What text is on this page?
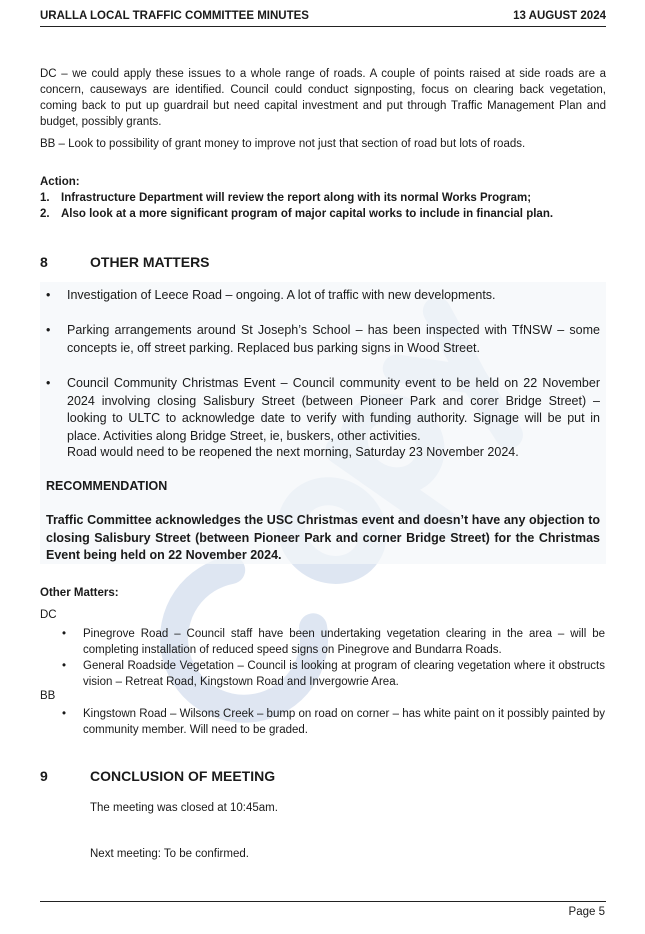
URALLA LOCAL TRAFFIC COMMITTEE MINUTES	13 AUGUST 2024
DC – we could apply these issues to a whole range of roads. A couple of points raised at side roads are a concern, causeways are identified. Council could conduct signposting, focus on clearing back vegetation, coming back to put up guardrail but need capital investment and put through Traffic Management Plan and budget, possibly grants.
BB – Look to possibility of grant money to improve not just that section of road but lots of roads.
Action:
1. Infrastructure Department will review the report along with its normal Works Program;
2. Also look at a more significant program of major capital works to include in financial plan.
8	OTHER MATTERS
• Investigation of Leece Road – ongoing. A lot of traffic with new developments.
• Parking arrangements around St Joseph’s School – has been inspected with TfNSW – some concepts ie, off street parking. Replaced bus parking signs in Wood Street.
• Council Community Christmas Event – Council community event to be held on 22 November 2024 involving closing Salisbury Street (between Pioneer Park and corer Bridge Street) – looking to ULTC to acknowledge date to verify with funding authority. Signage will be put in place. Activities along Bridge Street, ie, buskers, other activities.
Road would need to be reopened the next morning, Saturday 23 November 2024.
RECOMMENDATION
Traffic Committee acknowledges the USC Christmas event and doesn’t have any objection to closing Salisbury Street (between Pioneer Park and corner Bridge Street) for the Christmas Event being held on 22 November 2024.
Other Matters:
DC
• Pinegrove Road – Council staff have been undertaking vegetation clearing in the area – will be completing installation of reduced speed signs on Pinegrove and Bundarra Roads.
• General Roadside Vegetation – Council is looking at program of clearing vegetation where it obstructs vision – Retreat Road, Kingstown Road and Invergowrie Area.
BB
• Kingstown Road – Wilsons Creek – bump on road on corner – has white paint on it possibly painted by community member. Will need to be graded.
9	CONCLUSION OF MEETING
The meeting was closed at 10:45am.
Next meeting: To be confirmed.
Page 5
